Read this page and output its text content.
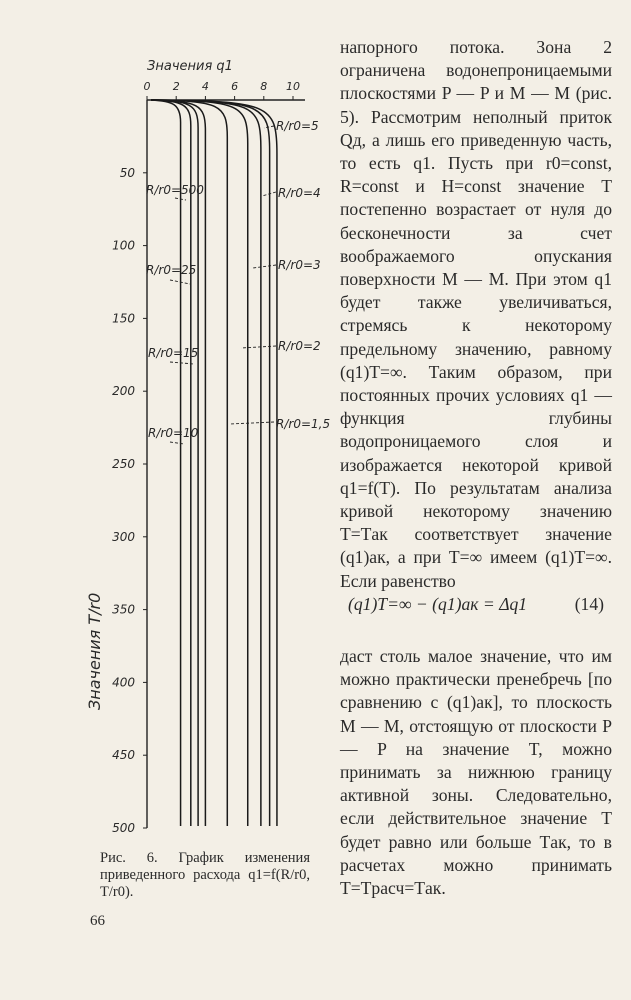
Значения q1
Значения T/r0
0 2 4 6 8 10
50
100
150
200
250
300
350
400
450
500
R/r0=500
R/r0=25
R/r0=15
R/r0=10
R/r0=5
R/r0=4
R/r0=3
R/r0=2
R/r0=1,5

напорного потока. Зона 2 ограничена водонепроницаемыми плоскостями P — P и M — M (рис. 5). Рассмотрим неполный приток Qд, а лишь его приведенную часть, то есть q1. Пусть при r0=const, R=const и H=const значение T постепенно возрастает от нуля до бесконечности за счет воображаемого опускания поверхности M — M. При этом q1 будет также увеличиваться, стремясь к некоторому предельному значению, равному (q1)T=∞. Таким образом, при постоянных прочих условиях q1 — функция глубины водопроницаемого слоя и изображается некоторой кривой q1=f(T). По результатам анализа кривой некоторому значению T=Tак соответствует значение (q1)ак, а при T=∞ имеем (q1)T=∞. Если равенство

(q1)T=∞ − (q1)ак = Δq1	(14)

даст столь малое значение, что им можно практически пренебречь [по сравнению с (q1)ак], то плоскость M — M, отстоящую от плоскости P — P на значение T, можно принимать за нижнюю границу активной зоны. Следовательно, если действительное значение T будет равно или больше Tак, то в расчетах можно принимать T=Tрасч=Tак.

Рис. 6. График изменения приведенного расхода q1=f(R/r0, T/r0).
66
